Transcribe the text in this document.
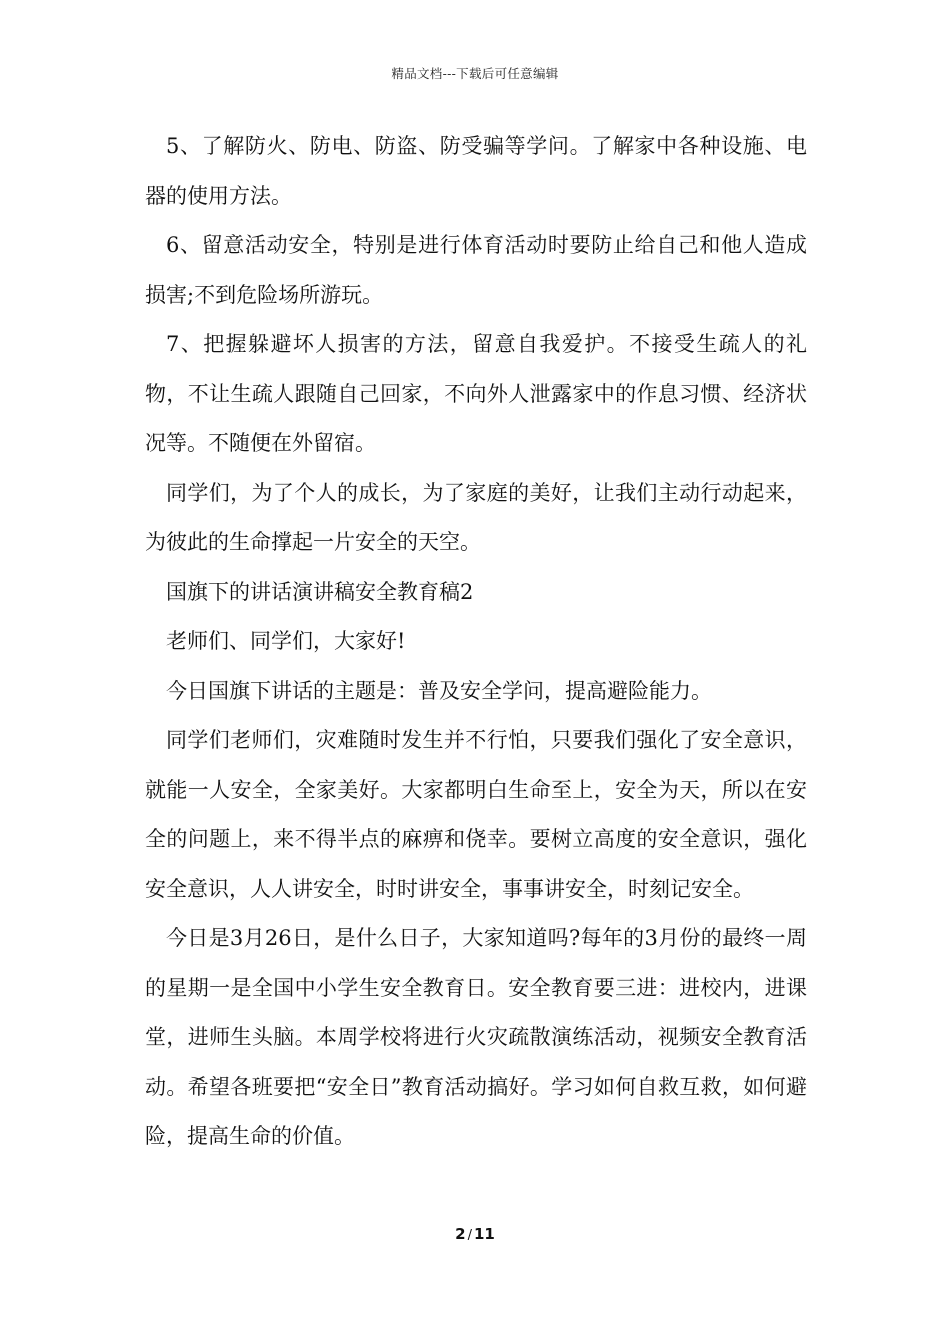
精品文档---下载后可任意编辑

5、了解防火、防电、防盗、防受骗等学问。了解家中各种设施、电器的使用方法。

6、留意活动安全，特别是进行体育活动时要防止给自己和他人造成损害;不到危险场所游玩。

7、把握躲避坏人损害的方法，留意自我爱护。不接受生疏人的礼物，不让生疏人跟随自己回家，不向外人泄露家中的作息习惯、经济状况等。不随便在外留宿。

同学们，为了个人的成长，为了家庭的美好，让我们主动行动起来，为彼此的生命撑起一片安全的天空。

国旗下的讲话演讲稿安全教育稿2

老师们、同学们，大家好!

今日国旗下讲话的主题是：普及安全学问，提高避险能力。

同学们老师们，灾难随时发生并不行怕，只要我们强化了安全意识，就能一人安全，全家美好。大家都明白生命至上，安全为天，所以在安全的问题上，来不得半点的麻痹和侥幸。要树立高度的安全意识，强化安全意识，人人讲安全，时时讲安全，事事讲安全，时刻记安全。

今日是3月26日，是什么日子，大家知道吗?每年的3月份的最终一周的星期一是全国中小学生安全教育日。安全教育要三进：进校内，进课堂，进师生头脑。本周学校将进行火灾疏散演练活动，视频安全教育活动。希望各班要把“安全日”教育活动搞好。学习如何自救互救，如何避险，提高生命的价值。

2 / 11
